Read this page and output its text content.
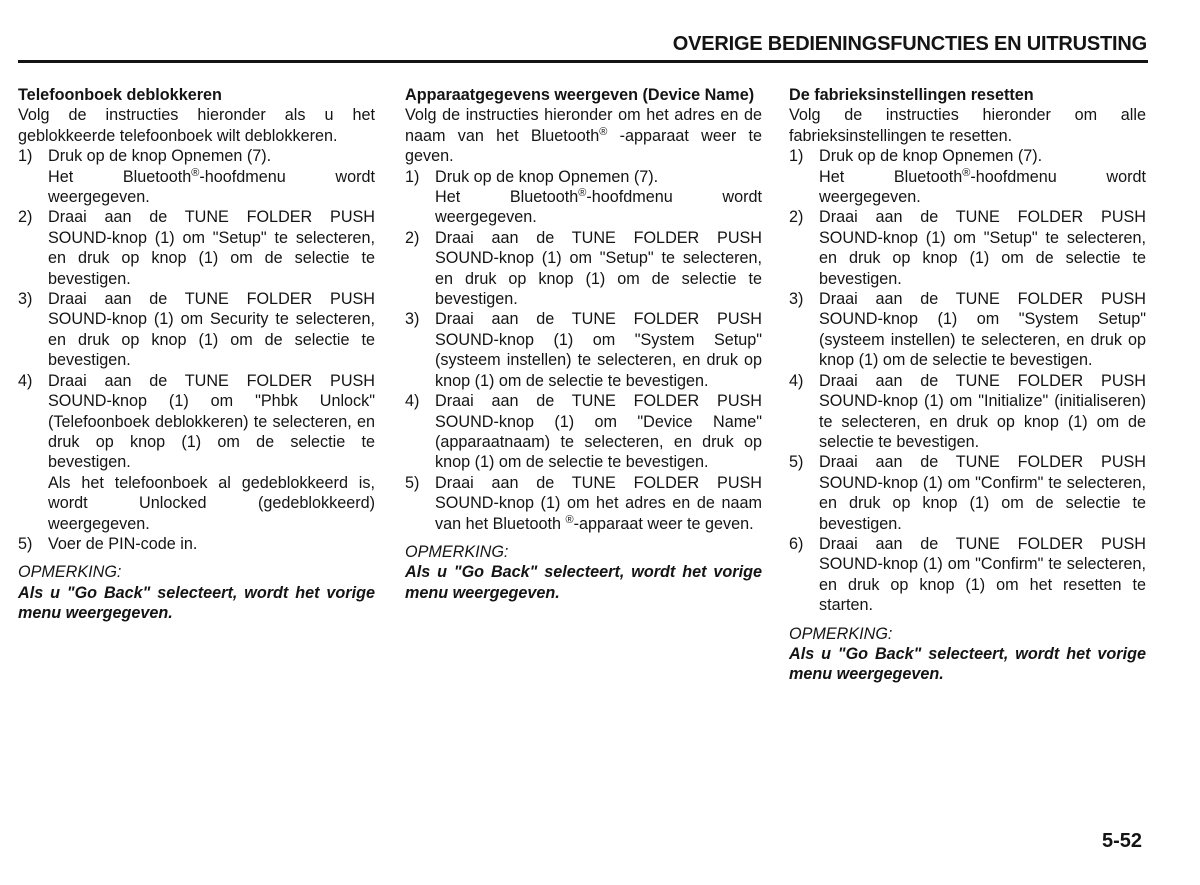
OVERIGE BEDIENINGSFUNCTIES EN UITRUSTING
Telefoonboek deblokkeren

Volg de instructies hieronder als u het geblokkeerde telefoonboek wilt deblokkeren.

1) Druk op de knop Opnemen (7).
Het Bluetooth®-hoofdmenu wordt weergegeven.

2) Draai aan de TUNE FOLDER PUSH SOUND-knop (1) om "Setup" te selecteren, en druk op knop (1) om de selectie te bevestigen.

3) Draai aan de TUNE FOLDER PUSH SOUND-knop (1) om Security te selecteren, en druk op knop (1) om de selectie te bevestigen.

4) Draai aan de TUNE FOLDER PUSH SOUND-knop (1) om "Phbk Unlock" (Telefoonboek deblokkeren) te selecteren, en druk op knop (1) om de selectie te bevestigen.

Als het telefoonboek al gedeblokkeerd is, wordt Unlocked (gedeblokkeerd) weergegeven.

5) Voer de PIN-code in.

OPMERKING:

Als u "Go Back" selecteert, wordt het vorige menu weergegeven.

Apparaatgegevens weergeven (Device Name)

Volg de instructies hieronder om het adres en de naam van het Bluetooth® -apparaat weer te geven.

1) Druk op de knop Opnemen (7).
Het Bluetooth®-hoofdmenu wordt weergegeven.

2) Draai aan de TUNE FOLDER PUSH SOUND-knop (1) om "Setup" te selecteren, en druk op knop (1) om de selectie te bevestigen.

3) Draai aan de TUNE FOLDER PUSH SOUND-knop (1) om "System Setup" (systeem instellen) te selecteren, en druk op knop (1) om de selectie te bevestigen.

4) Draai aan de TUNE FOLDER PUSH SOUND-knop (1) om "Device Name" (apparaatnaam) te selecteren, en druk op knop (1) om de selectie te bevestigen.

5) Draai aan de TUNE FOLDER PUSH SOUND-knop (1) om het adres en de naam van het Bluetooth ®-apparaat weer te geven.

OPMERKING:

Als u "Go Back" selecteert, wordt het vorige menu weergegeven.

De fabrieksinstellingen resetten

Volg de instructies hieronder om alle fabrieksinstellingen te resetten.

1) Druk op de knop Opnemen (7).
Het Bluetooth®-hoofdmenu wordt weergegeven.

2) Draai aan de TUNE FOLDER PUSH SOUND-knop (1) om "Setup" te selecteren, en druk op knop (1) om de selectie te bevestigen.

3) Draai aan de TUNE FOLDER PUSH SOUND-knop (1) om "System Setup" (systeem instellen) te selecteren, en druk op knop (1) om de selectie te bevestigen.

4) Draai aan de TUNE FOLDER PUSH SOUND-knop (1) om "Initialize" (initialiseren) te selecteren, en druk op knop (1) om de selectie te bevestigen.

5) Draai aan de TUNE FOLDER PUSH SOUND-knop (1) om "Confirm" te selecteren, en druk op knop (1) om de selectie te bevestigen.

6) Draai aan de TUNE FOLDER PUSH SOUND-knop (1) om "Confirm" te selecteren, en druk op knop (1) om het resetten te starten.

OPMERKING:

Als u "Go Back" selecteert, wordt het vorige menu weergegeven.

5-52
